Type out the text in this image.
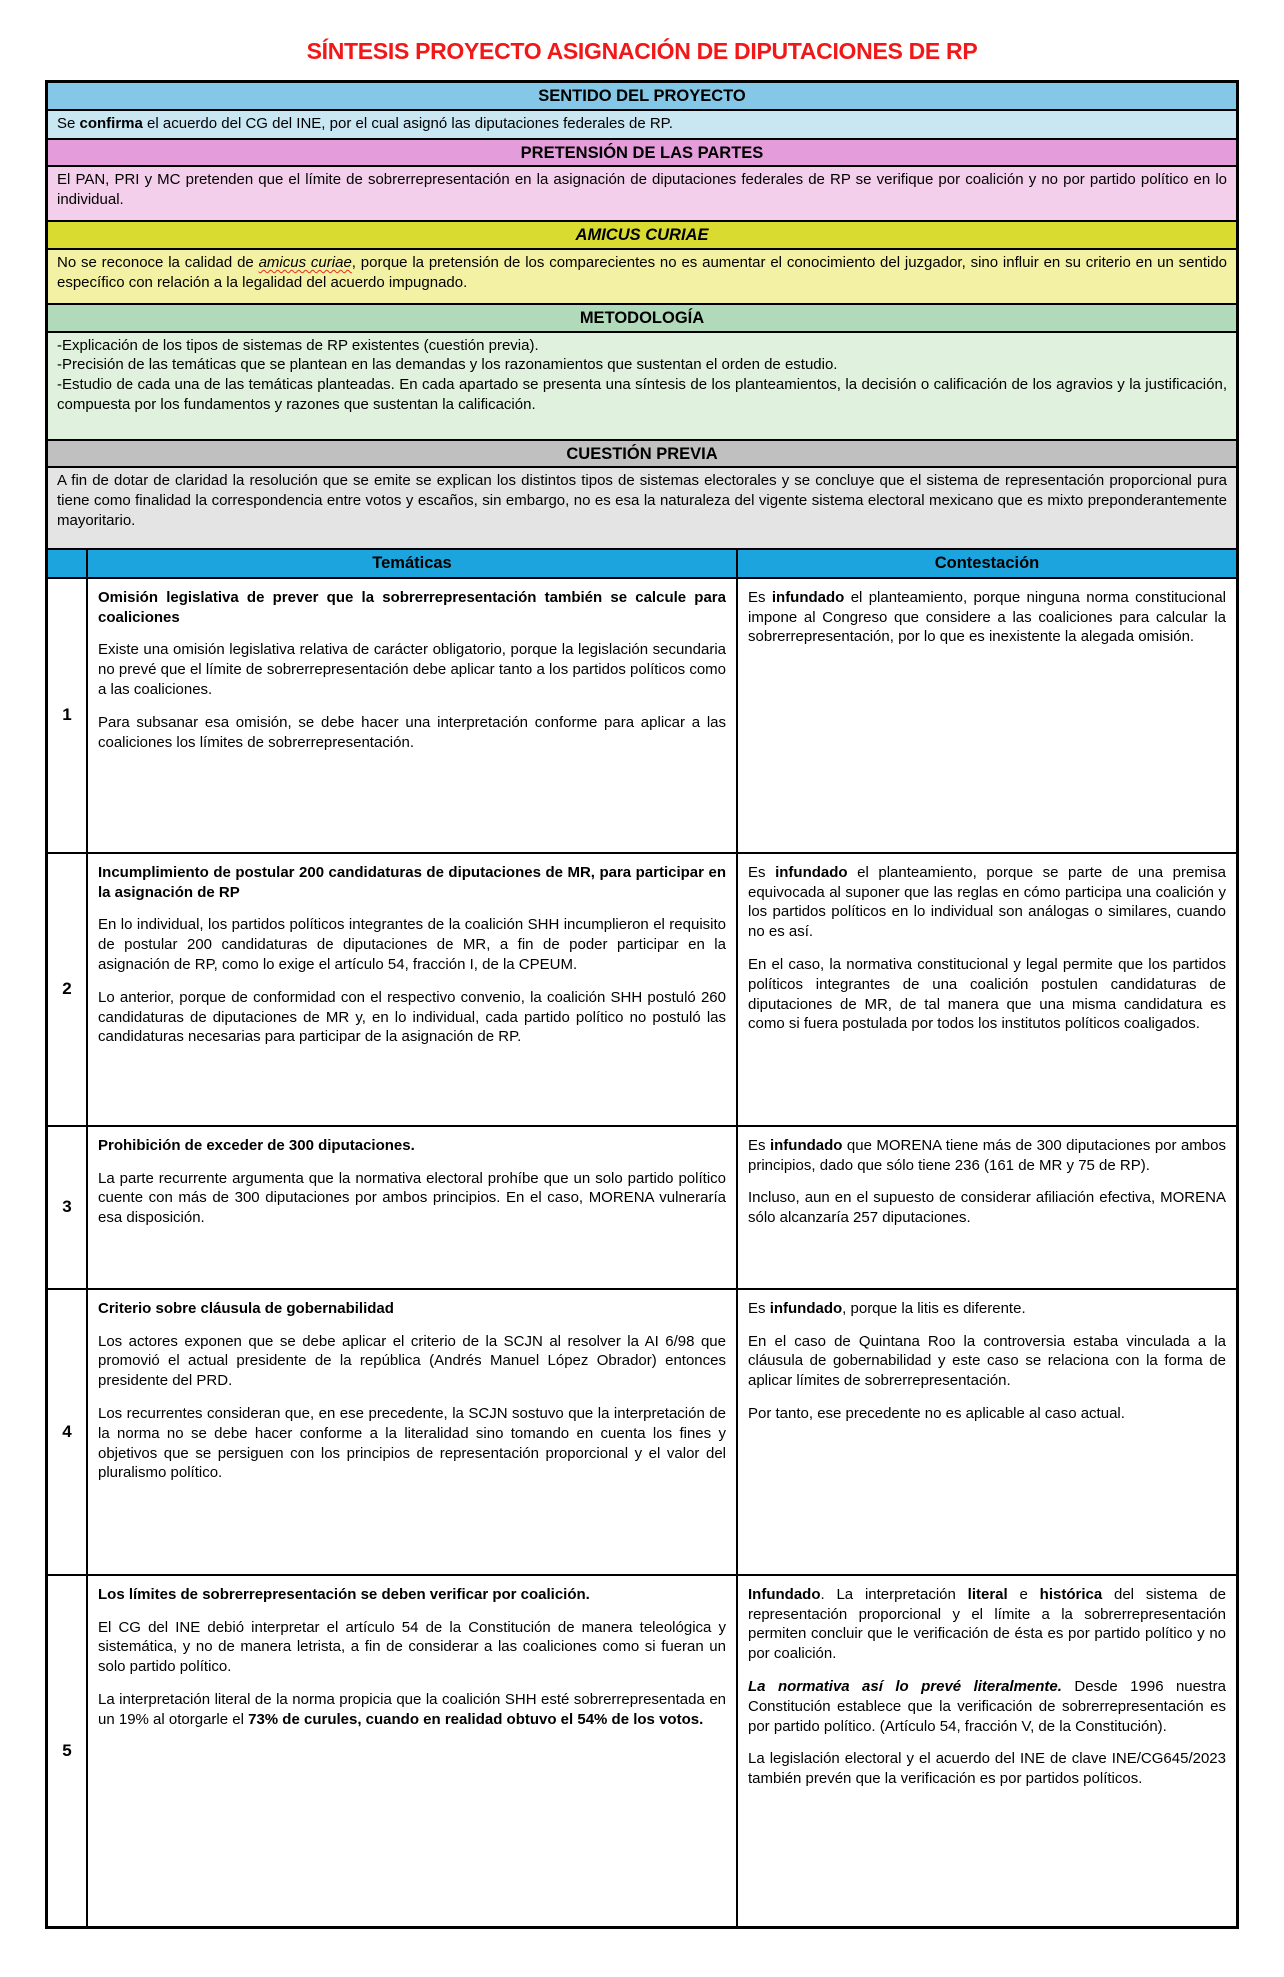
SÍNTESIS PROYECTO ASIGNACIÓN DE DIPUTACIONES DE RP
SENTIDO DEL PROYECTO

Se confirma el acuerdo del CG del INE, por el cual asignó las diputaciones federales de RP.

PRETENSIÓN DE LAS PARTES

El PAN, PRI y MC pretenden que el límite de sobrerrepresentación en la asignación de diputaciones federales de RP se verifique por coalición y no por partido político en lo individual.

AMICUS CURIAE

No se reconoce la calidad de amicus curiae, porque la pretensión de los comparecientes no es aumentar el conocimiento del juzgador, sino influir en su criterio en un sentido específico con relación a la legalidad del acuerdo impugnado.

METODOLOGÍA

-Explicación de los tipos de sistemas de RP existentes (cuestión previa).

-Precisión de las temáticas que se plantean en las demandas y los razonamientos que sustentan el orden de estudio.

-Estudio de cada una de las temáticas planteadas. En cada apartado se presenta una síntesis de los planteamientos, la decisión o calificación de los agravios y la justificación, compuesta por los fundamentos y razones que sustentan la calificación.

CUESTIÓN PREVIA

A fin de dotar de claridad la resolución que se emite se explican los distintos tipos de sistemas electorales y se concluye que el sistema de representación proporcional pura tiene como finalidad la correspondencia entre votos y escaños, sin embargo, no es esa la naturaleza del vigente sistema electoral mexicano que es mixto preponderantemente mayoritario.

Temáticas	Contestación
1

Omisión legislativa de prever que la sobrerrepresentación también se calcule para coaliciones

Existe una omisión legislativa relativa de carácter obligatorio, porque la legislación secundaria no prevé que el límite de sobrerrepresentación debe aplicar tanto a los partidos políticos como a las coaliciones.

Para subsanar esa omisión, se debe hacer una interpretación conforme para aplicar a las coaliciones los límites de sobrerrepresentación.

Es infundado el planteamiento, porque ninguna norma constitucional impone al Congreso que considere a las coaliciones para calcular la sobrerrepresentación, por lo que es inexistente la alegada omisión.

2

Incumplimiento de postular 200 candidaturas de diputaciones de MR, para participar en la asignación de RP

En lo individual, los partidos políticos integrantes de la coalición SHH incumplieron el requisito de postular 200 candidaturas de diputaciones de MR, a fin de poder participar en la asignación de RP, como lo exige el artículo 54, fracción I, de la CPEUM.

Lo anterior, porque de conformidad con el respectivo convenio, la coalición SHH postuló 260 candidaturas de diputaciones de MR y, en lo individual, cada partido político no postuló las candidaturas necesarias para participar de la asignación de RP.

Es infundado el planteamiento, porque se parte de una premisa equivocada al suponer que las reglas en cómo participa una coalición y los partidos políticos en lo individual son análogas o similares, cuando no es así.

En el caso, la normativa constitucional y legal permite que los partidos políticos integrantes de una coalición postulen candidaturas de diputaciones de MR, de tal manera que una misma candidatura es como si fuera postulada por todos los institutos políticos coaligados.

3

Prohibición de exceder de 300 diputaciones.

La parte recurrente argumenta que la normativa electoral prohíbe que un solo partido político cuente con más de 300 diputaciones por ambos principios. En el caso, MORENA vulneraría esa disposición.

Es infundado que MORENA tiene más de 300 diputaciones por ambos principios, dado que sólo tiene 236 (161 de MR y 75 de RP).

Incluso, aun en el supuesto de considerar afiliación efectiva, MORENA sólo alcanzaría 257 diputaciones.

4

Criterio sobre cláusula de gobernabilidad

Los actores exponen que se debe aplicar el criterio de la SCJN al resolver la AI 6/98 que promovió el actual presidente de la república (Andrés Manuel López Obrador) entonces presidente del PRD.

Los recurrentes consideran que, en ese precedente, la SCJN sostuvo que la interpretación de la norma no se debe hacer conforme a la literalidad sino tomando en cuenta los fines y objetivos que se persiguen con los principios de representación proporcional y el valor del pluralismo político.

Es infundado, porque la litis es diferente.

En el caso de Quintana Roo la controversia estaba vinculada a la cláusula de gobernabilidad y este caso se relaciona con la forma de aplicar límites de sobrerrepresentación.

Por tanto, ese precedente no es aplicable al caso actual.

5

Los límites de sobrerrepresentación se deben verificar por coalición.

El CG del INE debió interpretar el artículo 54 de la Constitución de manera teleológica y sistemática, y no de manera letrista, a fin de considerar a las coaliciones como si fueran un solo partido político.

La interpretación literal de la norma propicia que la coalición SHH esté sobrerrepresentada en un 19% al otorgarle el 73% de curules, cuando en realidad obtuvo el 54% de los votos.

Infundado. La interpretación literal e histórica del sistema de representación proporcional y el límite a la sobrerrepresentación permiten concluir que le verificación de ésta es por partido político y no por coalición.

La normativa así lo prevé literalmente. Desde 1996 nuestra Constitución establece que la verificación de sobrerrepresentación es por partido político. (Artículo 54, fracción V, de la Constitución).

La legislación electoral y el acuerdo del INE de clave INE/CG645/2023 también prevén que la verificación es por partidos políticos.
